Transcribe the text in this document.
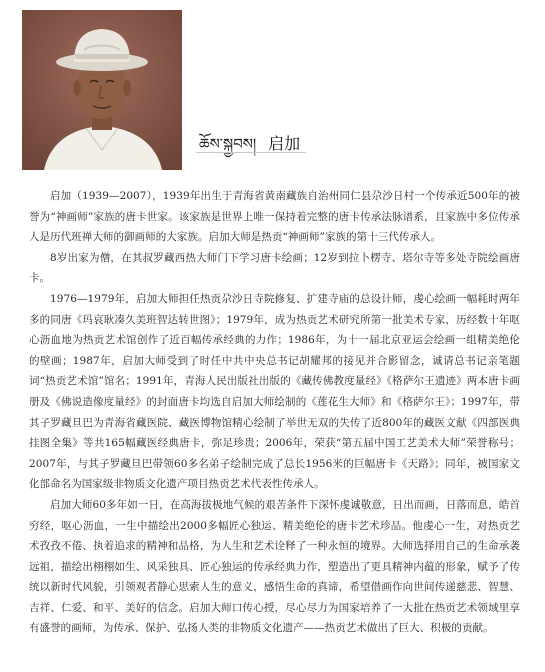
ཆོས་སྐྱབས། 启加

启加（1939—2007），1939年出生于青海省黄南藏族自治州同仁县尕沙日村一个传承近500年的被誉为“神画师”家族的唐卡世家。该家族是世界上唯一保持着完整的唐卡传承法脉谱系，且家族中多位传承人是历代班禅大师的御画师的大家族。启加大师是热贡“神画师”家族的第十三代传承人。

8岁出家为僧，在其叔罗藏西热大师门下学习唐卡绘画；12岁到拉卜楞寺、塔尔寺等多处寺院绘画唐卡。

1976—1979年，启加大师担任热贡尕沙日寺院修复、扩建寺庙的总设计师，虔心绘画一幅耗时两年多的同唐《玛哀耿凑久美班智达转世图》；1979年，成为热贡艺术研究所第一批美术专家，历经数十年呕心沥血地为热贡艺术馆创作了近百幅传承经典的力作；1986年，为十一届北京亚运会绘画一组精美绝伦的壁画；1987年，启加大师受到了时任中共中央总书记胡耀邦的接见并合影留念，诚请总书记亲笔题词“热贡艺术馆”馆名；1991年，青海人民出版社出版的《藏传佛教度量经》《格萨尔王遗迹》两本唐卡画册及《佛说造像度量经》的封面唐卡均选自启加大师绘制的《莲花生大师》和《格萨尔王》；1997年，带其子罗藏旦巴为青海省藏医院、藏医博物馆精心绘制了举世无双的失传了近800年的藏医文献《四部医典挂图全集》等共165幅藏医经典唐卡，弥足珍贵；2006年，荣获“第五届中国工艺美术大师”荣誉称号；2007年，与其子罗藏旦巴带领60多名弟子绘制完成了总长1956米的巨幅唐卡《天路》；同年，被国家文化部命名为国家级非物质文化遗产项目热贡艺术代表性传承人。

启加大师60多年如一日，在高海拔极地气候的艰苦条件下深怀虔诚敬意，日出而画，日落而息，皓首穷经，呕心沥血，一生中描绘出2000多幅匠心独运、精美绝伦的唐卡艺术珍品。他虔心一生，对热贡艺术孜孜不倦、执着追求的精神和品格，为人生和艺术诠释了一种永恒的境界。大师选择用自己的生命承袭远祖，描绘出栩栩如生、风采独具、匠心独运的传承经典力作，塑造出了更具精神内蕴的形象，赋予了传统以新时代风貌，引领观者静心思索人生的意义，感悟生命的真谛，希望借画作向世间传递慈悲、智慧、吉祥、仁爱、和平、美好的信念。启加大师口传心授，尽心尽力为国家培养了一大批在热贡艺术领域里享有盛誉的画师，为传承、保护、弘扬人类的非物质文化遗产——热贡艺术做出了巨大、积极的贡献。
